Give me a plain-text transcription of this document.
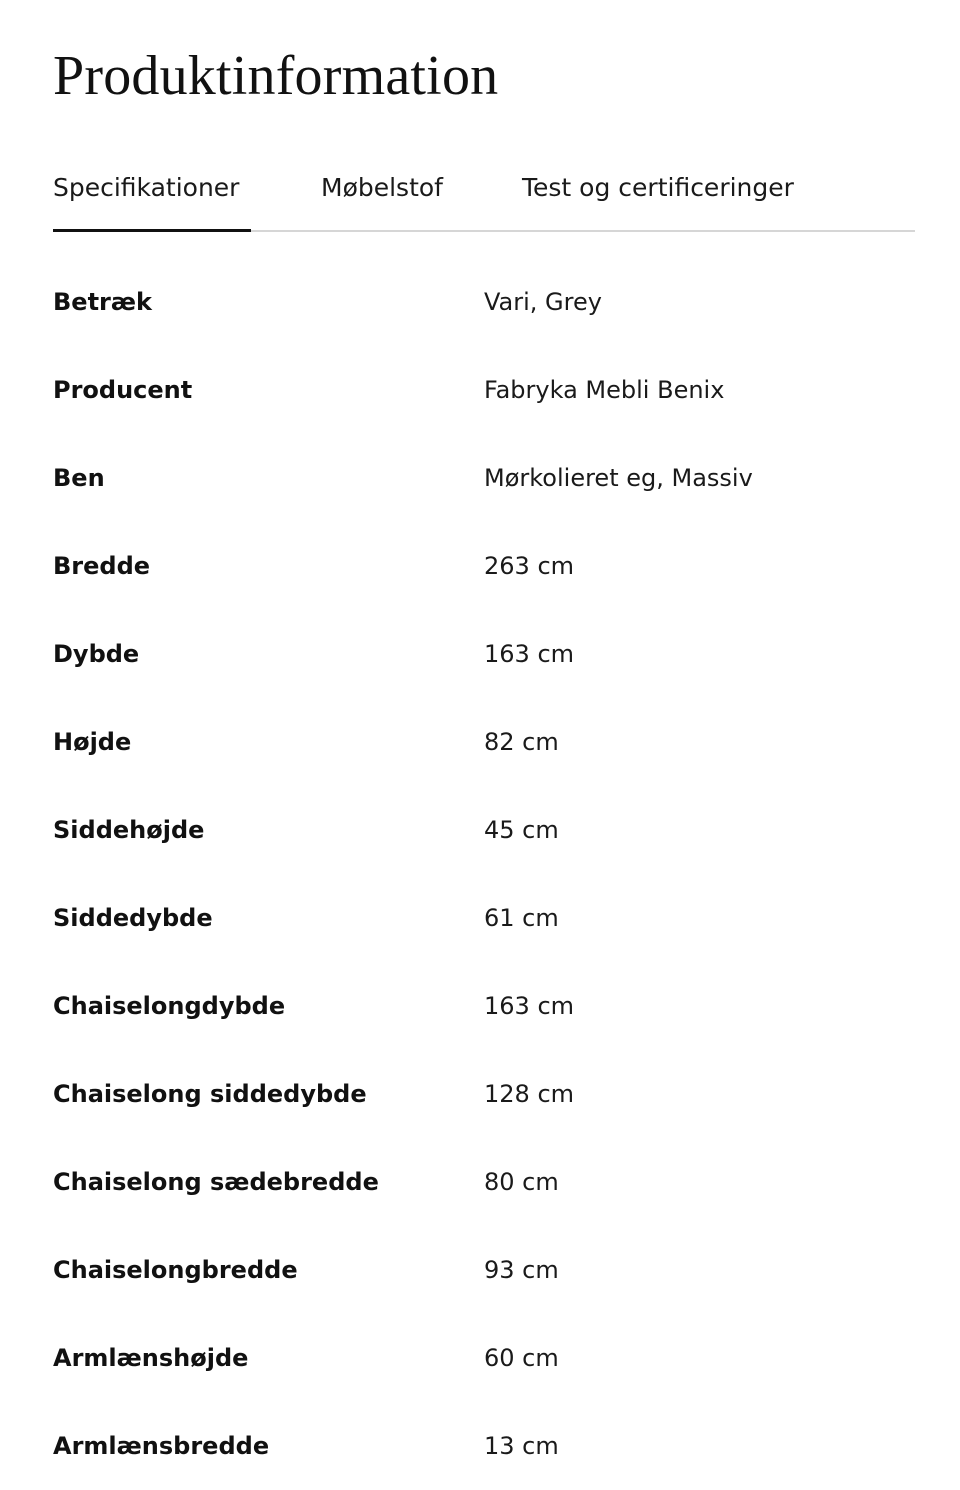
Produktinformation
Specifikationer	Møbelstof	Test og certificeringer
Betræk	Vari, Grey
Producent	Fabryka Mebli Benix
Ben	Mørkolieret eg, Massiv
Bredde	263 cm
Dybde	163 cm
Højde	82 cm
Siddehøjde	45 cm
Siddedybde	61 cm
Chaiselongdybde	163 cm
Chaiselong siddedybde	128 cm
Chaiselong sædebredde	80 cm
Chaiselongbredde	93 cm
Armlænshøjde	60 cm
Armlænsbredde	13 cm
